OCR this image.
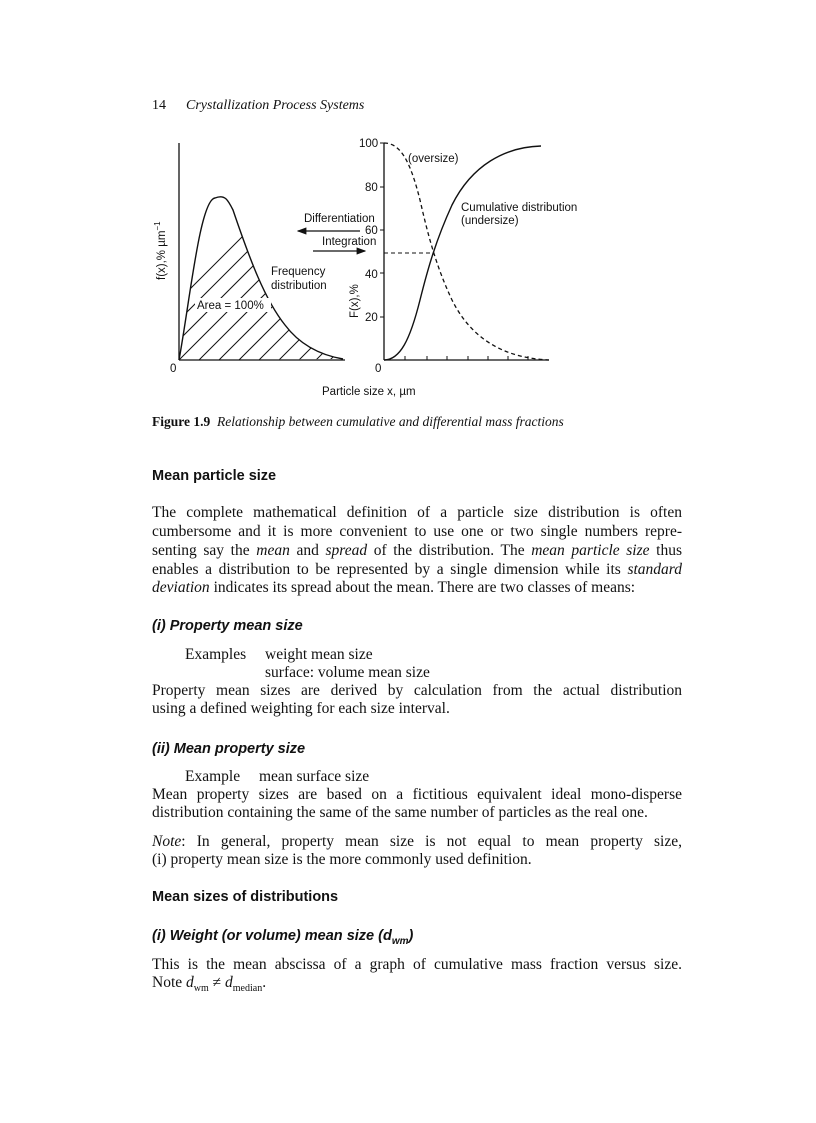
14 Crystallization Process Systems
0
f(x),% µm$^{-1}$
Area = 100%
Frequency
distribution
Differentiation
Integration
0
20
40
60
80
100
F(x),%
(oversize)
Cumulative distribution
(undersize)
Particle size x, µm
Figure 1.9 Relationship between cumulative and differential mass fractions
Mean particle size
The complete mathematical definition of a particle size distribution is often
cumbersome and it is more convenient to use one or two single numbers repre-
senting say the mean and spread of the distribution. The mean particle size thus
enables a distribution to be represented by a single dimension while its standard
deviation indicates its spread about the mean. There are two classes of means:
(i) Property mean size
Examples weight mean size
surface: volume mean size
Property mean sizes are derived by calculation from the actual distribution
using a defined weighting for each size interval.
(ii) Mean property size
Example mean surface size
Mean property sizes are based on a fictitious equivalent ideal mono-disperse
distribution containing the same of the same number of particles as the real one.
Note: In general, property mean size is not equal to mean property size,
(i) property mean size is the more commonly used definition.
Mean sizes of distributions
(i) Weight (or volume) mean size $(d_{wm})$
This is the mean abscissa of a graph of cumulative mass fraction versus size.
Note $d_{wm} \ne d_{median}$.
